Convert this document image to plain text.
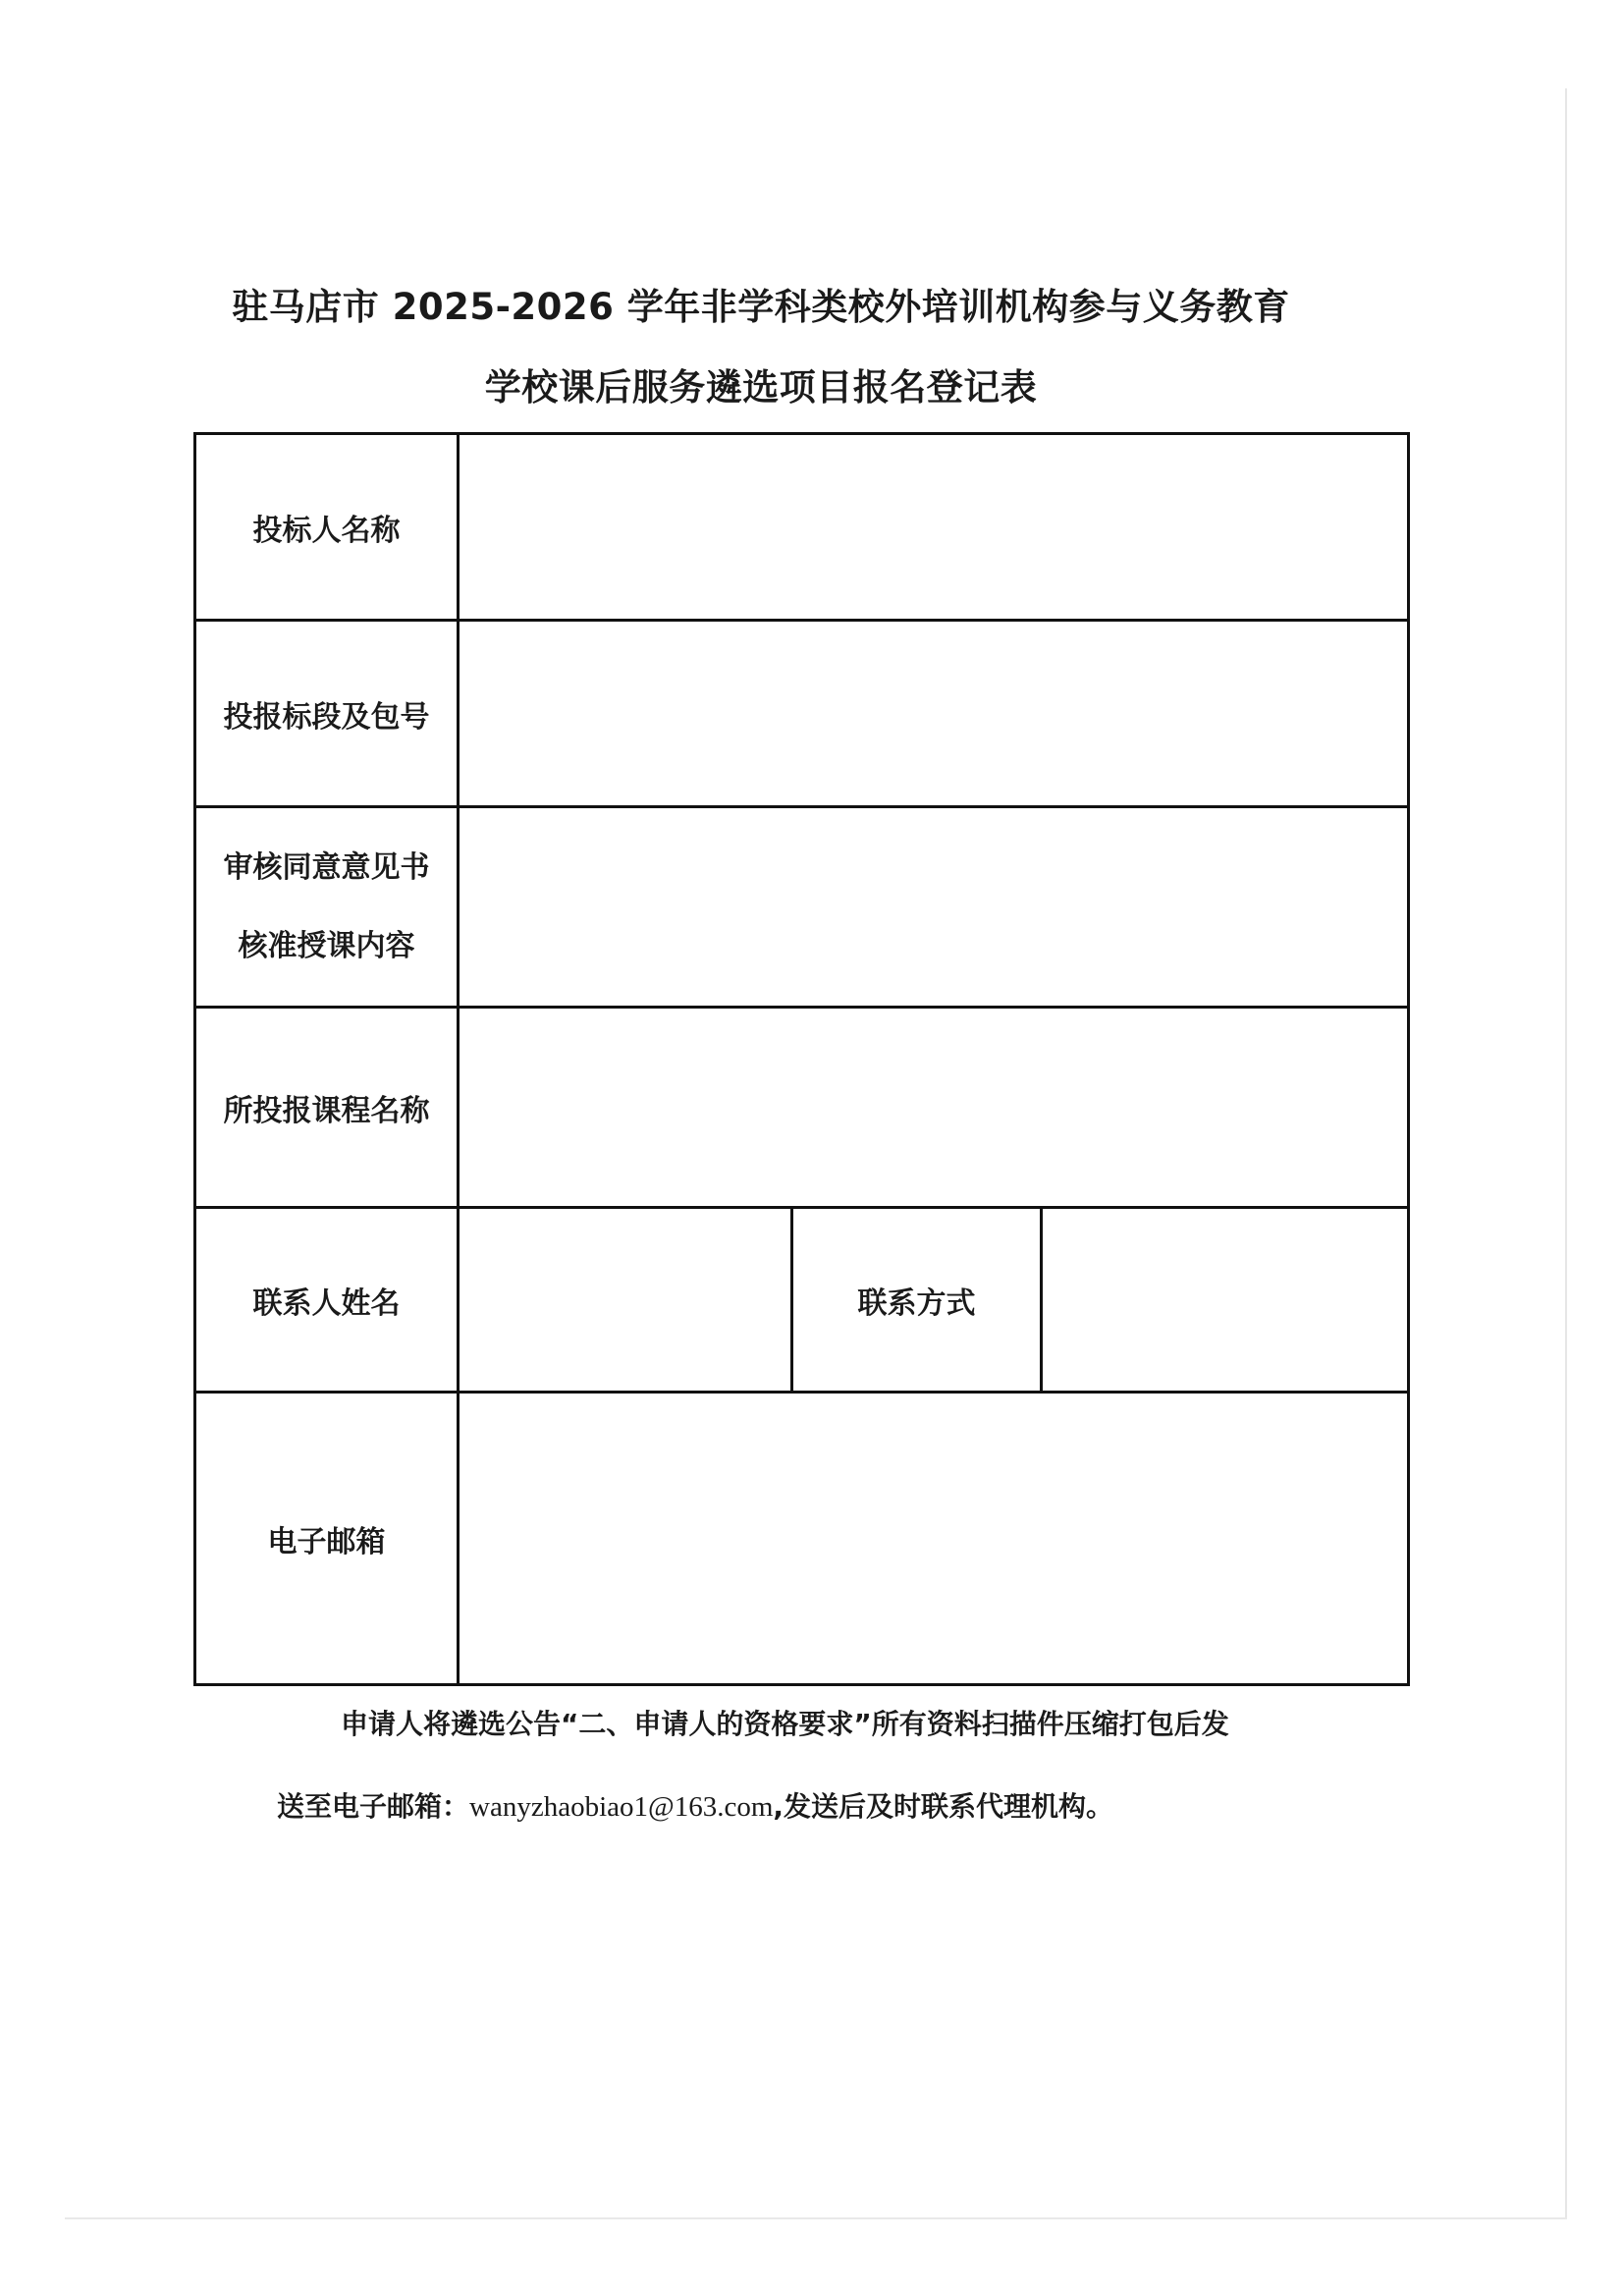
驻马店市 2025-2026 学年非学科类校外培训机构参与义务教育
学校课后服务遴选项目报名登记表
投标人名称			
投报标段及包号			

审核同意意见书
核准授课内容			

所投报课程名称			
联系人姓名		联系方式	
电子邮箱			
申请人将遴选公告“二、申请人的资格要求”所有资料扫描件压缩打包后发
送至电子邮箱：wanyzhaobiao1@163.com,发送后及时联系代理机构。
